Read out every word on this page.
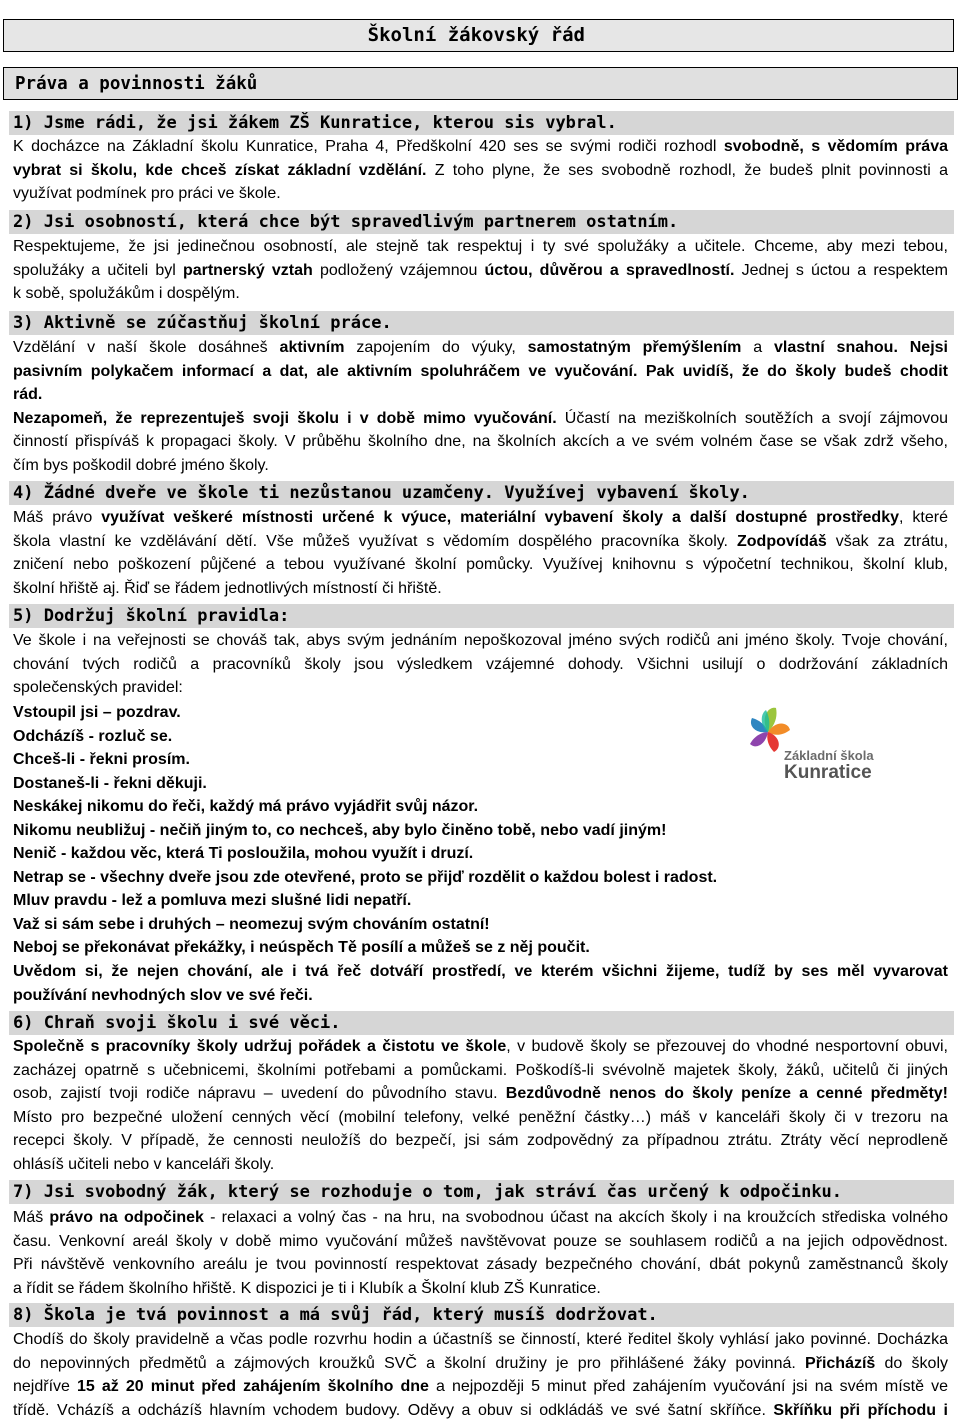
Školní žákovský řád
Práva a povinnosti žáků
1) Jsme rádi, že jsi žákem ZŠ Kunratice, kterou sis vybral.
K docházce na Základní školu Kunratice, Praha 4, Předškolní 420 ses se svými rodiči rozhodl svobodně, s vědomím práva
vybrat si školu, kde chceš získat základní vzdělání. Z toho plyne, že ses svobodně rozhodl, že budeš plnit povinnosti a
využívat podmínek pro práci ve škole.
2) Jsi osobností, která chce být spravedlivým partnerem ostatním.
Respektujeme, že jsi jedinečnou osobností, ale stejně tak respektuj i ty své spolužáky a učitele. Chceme, aby mezi tebou,
spolužáky a učiteli byl partnerský vztah podložený vzájemnou úctou, důvěrou a spravedlností. Jednej s úctou a respektem
k sobě, spolužákům i dospělým.
3) Aktivně se zúčastňuj školní práce.
Vzdělání v naší škole dosáhneš aktivním zapojením do výuky, samostatným přemýšlením a vlastní snahou. Nejsi
pasivním polykačem informací a dat, ale aktivním spoluhráčem ve vyučování. Pak uvidíš, že do školy budeš chodit
rád.
Nezapomeň, že reprezentuješ svoji školu i v době mimo vyučování. Účastí na meziškolních soutěžích a svojí zájmovou
činností přispíváš k propagaci školy. V průběhu školního dne, na školních akcích a ve svém volném čase se však zdrž všeho,
čím bys poškodil dobré jméno školy.
4) Žádné dveře ve škole ti nezůstanou uzamčeny. Využívej vybavení školy.
Máš právo využívat veškeré místnosti určené k výuce, materiální vybavení školy a další dostupné prostředky, které
škola vlastní ke vzdělávání dětí. Vše můžeš využívat s vědomím dospělého pracovníka školy. Zodpovídáš však za ztrátu,
zničení nebo poškození půjčené a tebou využívané školní pomůcky. Využívej knihovnu s výpočetní technikou, školní klub,
školní hřiště aj. Řiď se řádem jednotlivých místností či hřiště.
5) Dodržuj školní pravidla:
Ve škole i na veřejnosti se chováš tak, abys svým jednáním nepoškozoval jméno svých rodičů ani jméno školy. Tvoje chování,
chování tvých rodičů a pracovníků školy jsou výsledkem vzájemné dohody. Všichni usilují o dodržování základních
společenských pravidel:
Vstoupil jsi – pozdrav.
Odcházíš - rozluč se.
Chceš-li - řekni prosím.
Dostaneš-li - řekni děkuji.
Neskákej nikomu do řeči, každý má právo vyjádřit svůj názor.
Nikomu neubližuj - nečiň jiným to, co nechceš, aby bylo činěno tobě, nebo vadí jiným!
Nenič - každou věc, která Ti posloužila, mohou využít i druzí.
Netrap se - všechny dveře jsou zde otevřené, proto se přijď rozdělit o každou bolest i radost.
Mluv pravdu - lež a pomluva mezi slušné lidi nepatří.
Važ si sám sebe i druhých – neomezuj svým chováním ostatní!
Neboj se překonávat překážky, i neúspěch Tě posílí a můžeš se z něj poučit.
Uvědom si, že nejen chování, ale i tvá řeč dotváří prostředí, ve kterém všichni žijeme, tudíž by ses měl vyvarovat
používání nevhodných slov ve své řeči.
Základní škola
Kunratice
6) Chraň svoji školu i své věci.
Společně s pracovníky školy udržuj pořádek a čistotu ve škole, v budově školy se přezouvej do vhodné nesportovní obuvi,
zacházej opatrně s učebnicemi, školními potřebami a pomůckami. Poškodíš-li svévolně majetek školy, žáků, učitelů či jiných
osob, zajistí tvoji rodiče nápravu – uvedení do původního stavu. Bezdůvodně nenos do školy peníze a cenné předměty!
Místo pro bezpečné uložení cenných věcí (mobilní telefony, velké peněžní částky…) máš v kanceláři školy či v trezoru na
recepci školy. V případě, že cennosti neuložíš do bezpečí, jsi sám zodpovědný za případnou ztrátu. Ztráty věcí neprodleně
ohlásíš učiteli nebo v kanceláři školy.
7) Jsi svobodný žák, který se rozhoduje o tom, jak stráví čas určený k odpočinku.
Máš právo na odpočinek - relaxaci a volný čas - na hru, na svobodnou účast na akcích školy i na kroužcích střediska volného
času. Venkovní areál školy v době mimo vyučování můžeš navštěvovat pouze se souhlasem rodičů a na jejich odpovědnost.
Při návštěvě venkovního areálu je tvou povinností respektovat zásady bezpečného chování, dbát pokynů zaměstnanců školy
a řídit se řádem školního hřiště. K dispozici je ti i Klubík a Školní klub ZŠ Kunratice.
8) Škola je tvá povinnost a má svůj řád, který musíš dodržovat.
Chodíš do školy pravidelně a včas podle rozvrhu hodin a účastníš se činností, které ředitel školy vyhlásí jako povinné. Docházka
do nepovinných předmětů a zájmových kroužků SVČ a školní družiny je pro přihlášené žáky povinná. Přicházíš do školy
nejdříve 15 až 20 minut před zahájením školního dne a nejpozději 5 minut před zahájením vyučování jsi na svém místě ve
třídě. Vcházíš a odcházíš hlavním vchodem budovy. Oděvy a obuv si odkládáš ve své šatní skříňce. Skříňku při příchodu i
